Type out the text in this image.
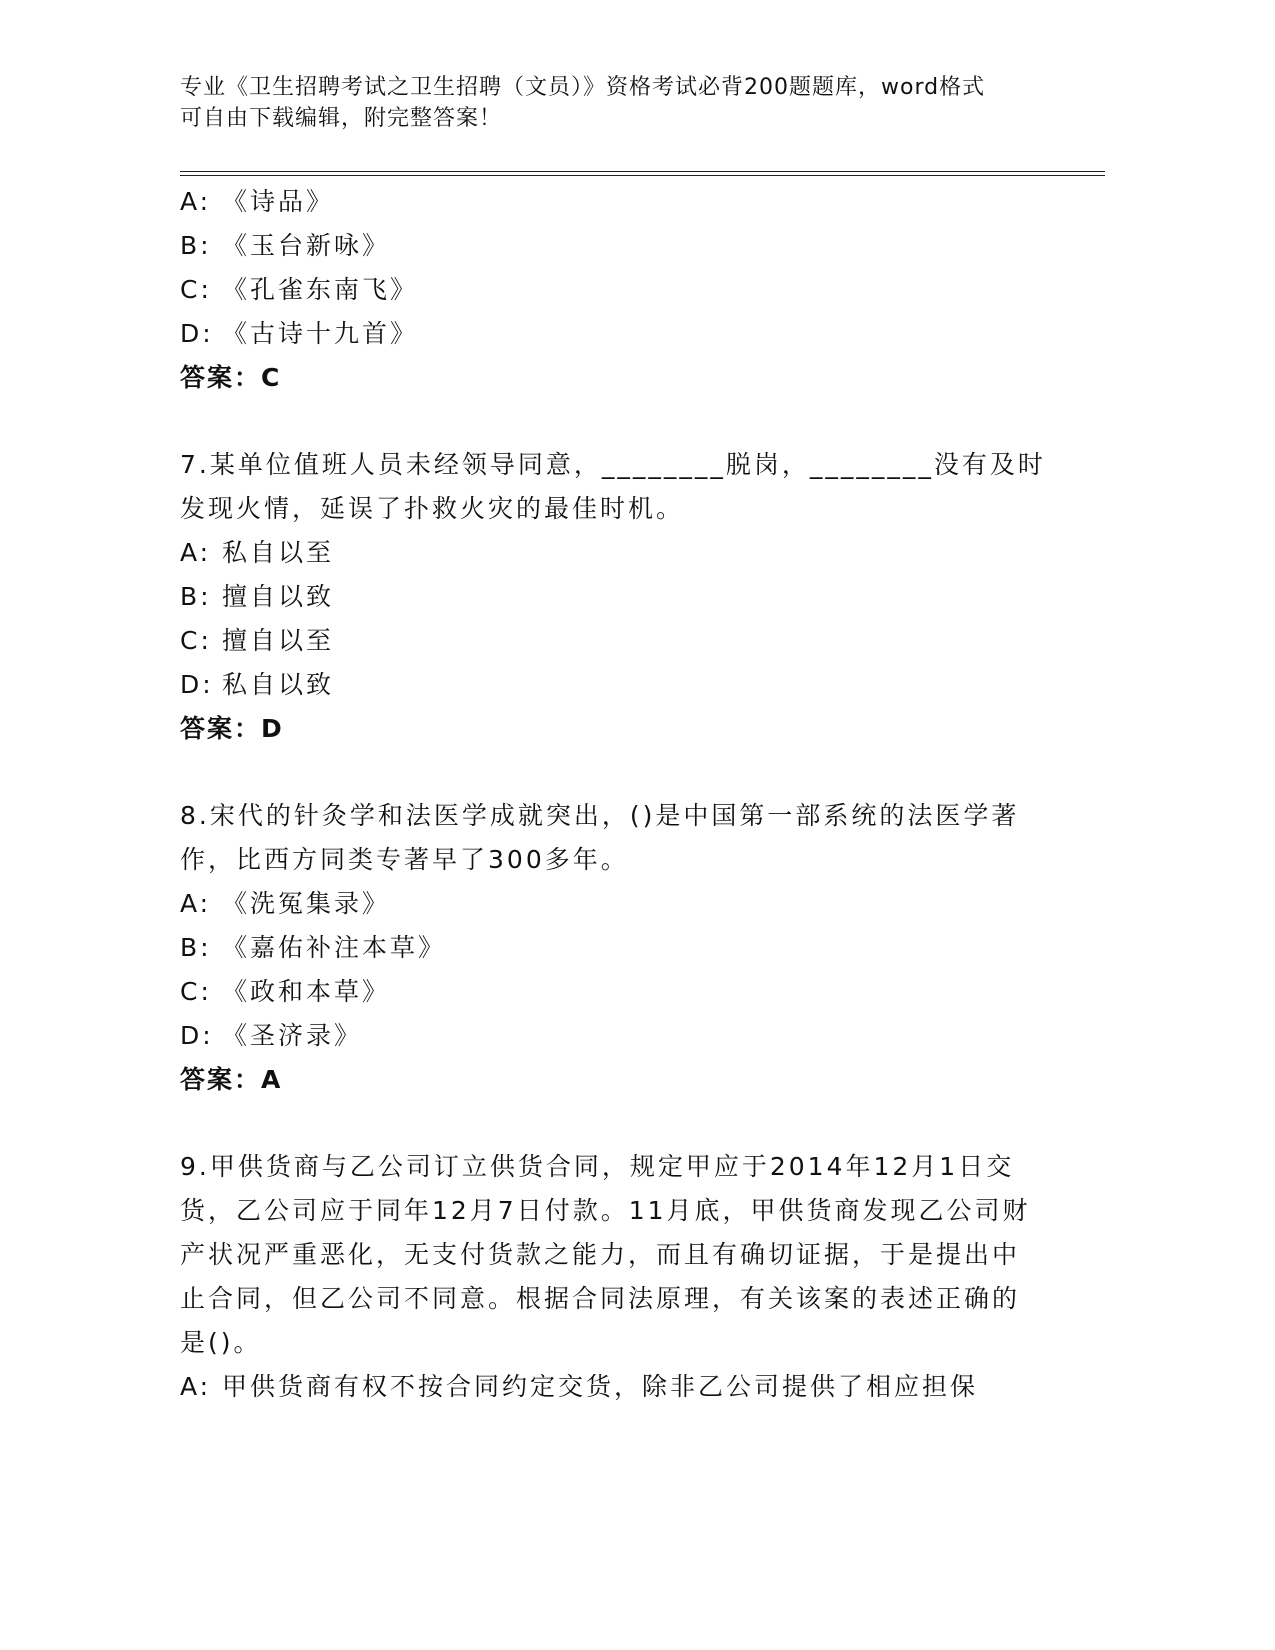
专业《卫生招聘考试之卫生招聘（文员）》资格考试必背200题题库，word格式
可自由下载编辑，附完整答案！
A: 《诗品》
B: 《玉台新咏》
C: 《孔雀东南飞》
D: 《古诗十九首》
答案：C
7.某单位值班人员未经领导同意，________脱岗，________没有及时
发现火情，延误了扑救火灾的最佳时机。
A: 私自以至
B: 擅自以致
C: 擅自以至
D: 私自以致
答案：D
8.宋代的针灸学和法医学成就突出，()是中国第一部系统的法医学著
作，比西方同类专著早了300多年。
A: 《洗冤集录》
B: 《嘉佑补注本草》
C: 《政和本草》
D: 《圣济录》
答案：A
9.甲供货商与乙公司订立供货合同，规定甲应于2014年12月1日交
货，乙公司应于同年12月7日付款。11月底，甲供货商发现乙公司财
产状况严重恶化，无支付货款之能力，而且有确切证据，于是提出中
止合同，但乙公司不同意。根据合同法原理，有关该案的表述正确的
是()。
A: 甲供货商有权不按合同约定交货，除非乙公司提供了相应担保
